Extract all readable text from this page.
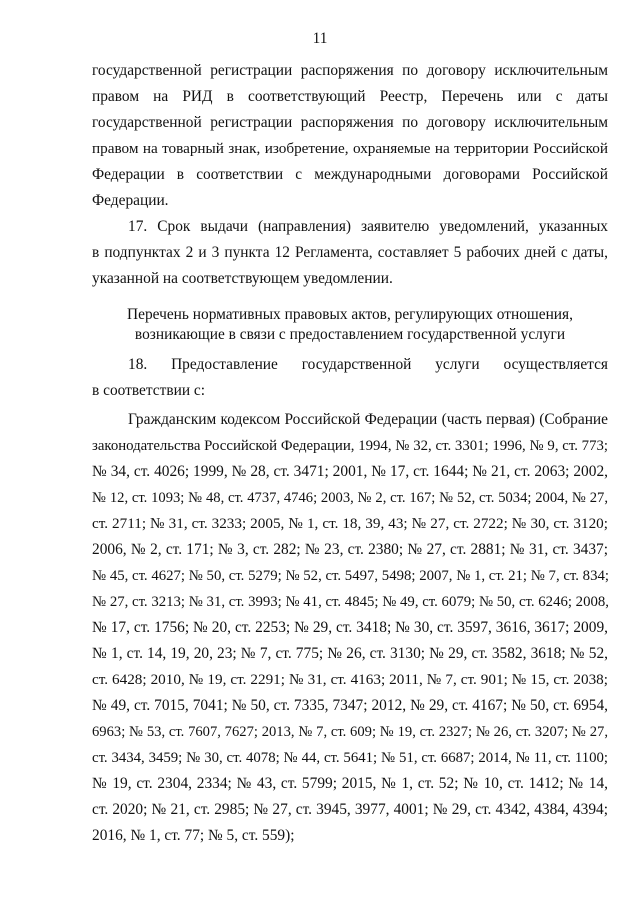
11
государственной регистрации распоряжения по договору исключительным
правом на РИД в соответствующий Реестр, Перечень или с даты
государственной регистрации распоряжения по договору исключительным
правом на товарный знак, изобретение, охраняемые на территории Российской
Федерации в соответствии с международными договорами Российской
Федерации.
17. Срок выдачи (направления) заявителю уведомлений, указанных
в подпунктах 2 и 3 пункта 12 Регламента, составляет 5 рабочих дней с даты,
указанной на соответствующем уведомлении.
Перечень нормативных правовых актов, регулирующих отношения,
возникающие в связи с предоставлением государственной услуги
18. Предоставление государственной услуги осуществляется
в соответствии с:
Гражданским кодексом Российской Федерации (часть первая) (Собрание
законодательства Российской Федерации, 1994, № 32, ст. 3301; 1996, № 9, ст. 773;
№ 34, ст. 4026; 1999, № 28, ст. 3471; 2001, № 17, ст. 1644; № 21, ст. 2063; 2002,
№ 12, ст. 1093; № 48, ст. 4737, 4746; 2003, № 2, ст. 167; № 52, ст. 5034; 2004, № 27,
ст. 2711; № 31, ст. 3233; 2005, № 1, ст. 18, 39, 43; № 27, ст. 2722; № 30, ст. 3120;
2006, № 2, ст. 171; № 3, ст. 282; № 23, ст. 2380; № 27, ст. 2881; № 31, ст. 3437;
№ 45, ст. 4627; № 50, ст. 5279; № 52, ст. 5497, 5498; 2007, № 1, ст. 21; № 7, ст. 834;
№ 27, ст. 3213; № 31, ст. 3993; № 41, ст. 4845; № 49, ст. 6079; № 50, ст. 6246; 2008,
№ 17, ст. 1756; № 20, ст. 2253; № 29, ст. 3418; № 30, ст. 3597, 3616, 3617; 2009,
№ 1, ст. 14, 19, 20, 23; № 7, ст. 775; № 26, ст. 3130; № 29, ст. 3582, 3618; № 52,
ст. 6428; 2010, № 19, ст. 2291; № 31, ст. 4163; 2011, № 7, ст. 901; № 15, ст. 2038;
№ 49, ст. 7015, 7041; № 50, ст. 7335, 7347; 2012, № 29, ст. 4167; № 50, ст. 6954,
6963; № 53, ст. 7607, 7627; 2013, № 7, ст. 609; № 19, ст. 2327; № 26, ст. 3207; № 27,
ст. 3434, 3459; № 30, ст. 4078; № 44, ст. 5641; № 51, ст. 6687; 2014, № 11, ст. 1100;
№ 19, ст. 2304, 2334; № 43, ст. 5799; 2015, № 1, ст. 52; № 10, ст. 1412; № 14,
ст. 2020; № 21, ст. 2985; № 27, ст. 3945, 3977, 4001; № 29, ст. 4342, 4384, 4394;
2016, № 1, ст. 77; № 5, ст. 559);
